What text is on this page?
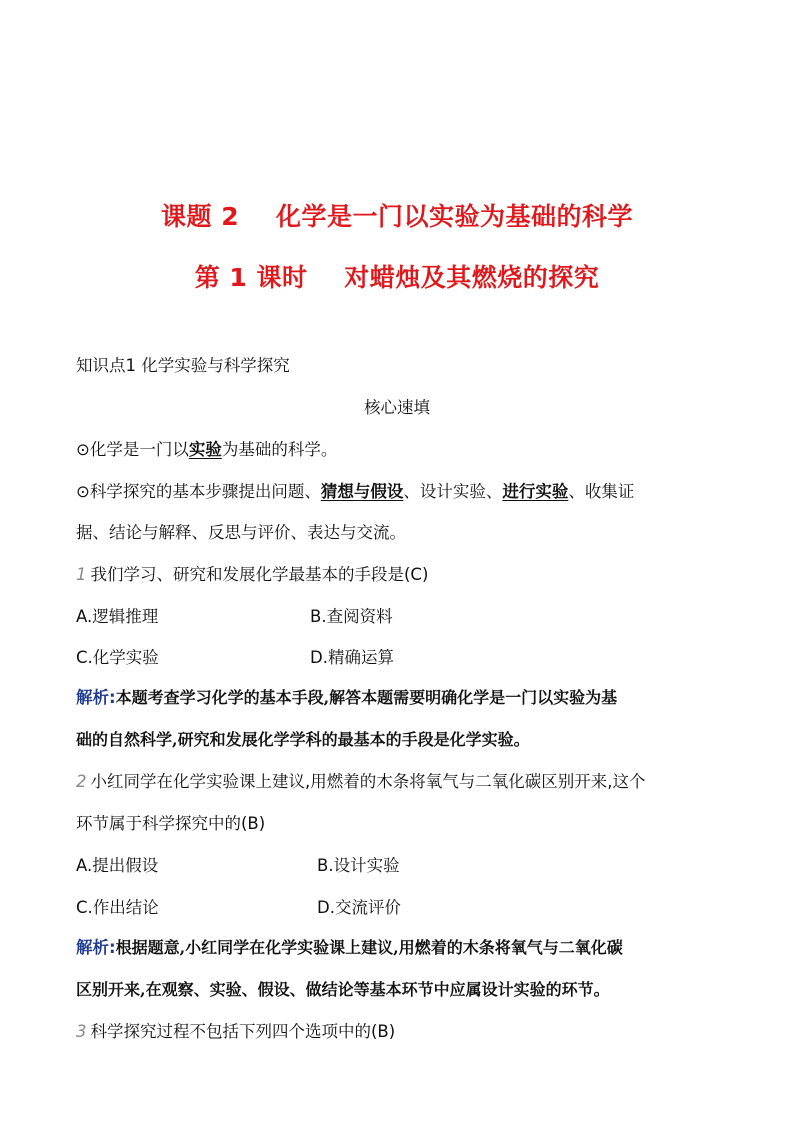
课题 2    化学是一门以实验为基础的科学
第 1 课时    对蜡烛及其燃烧的探究
知识点1 化学实验与科学探究
核心速填
⊙化学是一门以实验为基础的科学。
⊙科学探究的基本步骤提出问题、猜想与假设、设计实验、进行实验、收集证
据、结论与解释、反思与评价、表达与交流。
1 我们学习、研究和发展化学最基本的手段是(C)
A.逻辑推理	B.查阅资料
C.化学实验	D.精确运算
解析:本题考查学习化学的基本手段,解答本题需要明确化学是一门以实验为基
础的自然科学,研究和发展化学学科的最基本的手段是化学实验。
2 小红同学在化学实验课上建议,用燃着的木条将氧气与二氧化碳区别开来,这个
环节属于科学探究中的(B)
A.提出假设	B.设计实验
C.作出结论	D.交流评价
解析:根据题意,小红同学在化学实验课上建议,用燃着的木条将氧气与二氧化碳
区别开来,在观察、实验、假设、做结论等基本环节中应属设计实验的环节。
3 科学探究过程不包括下列四个选项中的(B)
